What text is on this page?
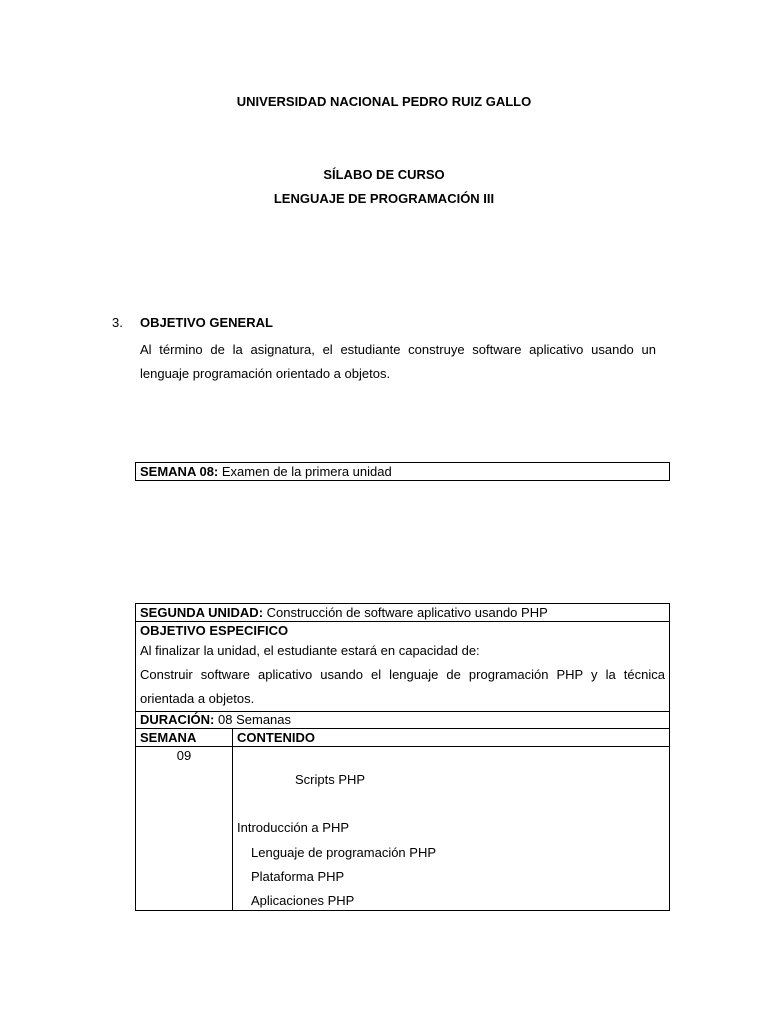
UNIVERSIDAD NACIONAL PEDRO RUIZ GALLO
SÍLABO DE CURSO
LENGUAJE DE PROGRAMACIÓN III
3. OBJETIVO GENERAL
Al término de la asignatura, el estudiante construye software aplicativo usando un lenguaje programación orientado a objetos.
SEMANA 08: Examen de la primera unidad
SEGUNDA UNIDAD: Construcción de software aplicativo usando PHP
OBJETIVO ESPECIFICO
Al finalizar la unidad, el estudiante estará en capacidad de:
Construir software aplicativo usando el lenguaje de programación PHP y la técnica orientada a objetos.
DURACIÓN: 08 Semanas
SEMANA	CONTENIDO
09
Scripts PHP
Introducción a PHP
Lenguaje de programación PHP
Plataforma PHP
Aplicaciones PHP
